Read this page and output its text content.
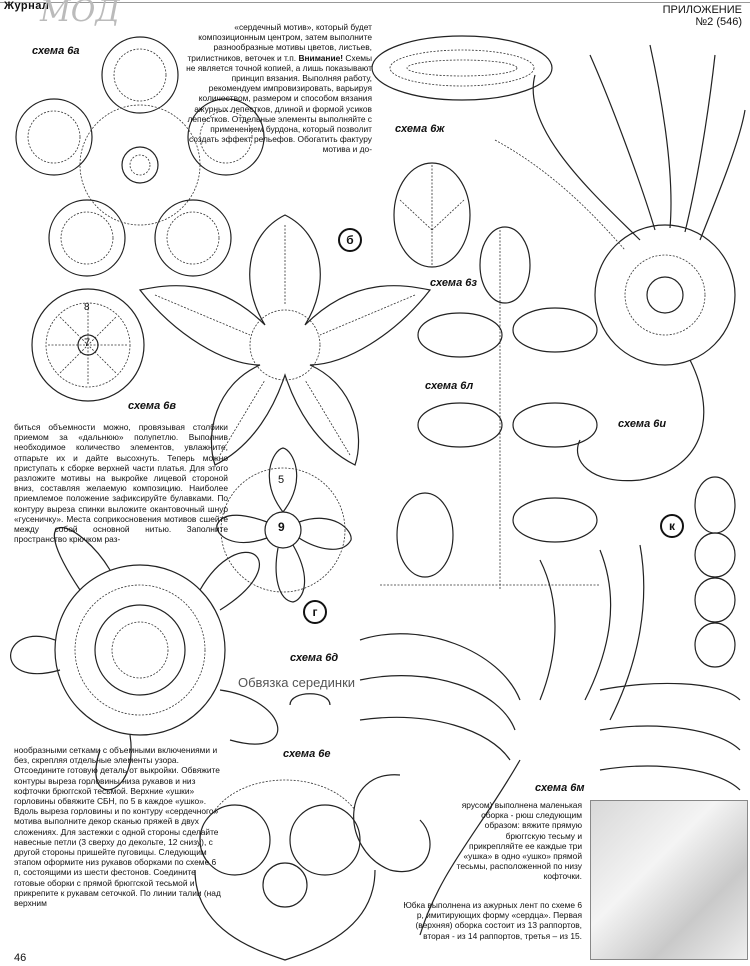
Журнал
МОД	ПРИЛОЖЕНИЕ
№2 (546)
схема 6а
схема 6в
схема 6ж
схема 6з
схема 6л
схема 6и
схема 6д
схема 6е
схема 6м
б
г
к
5
9
7
8
Обвязка серединки
«сердечный мотив», который будет композиционным центром, затем выполните разнообразные мотивы цветов, листьев, трилистников, веточек и т.п. Внимание! Схемы не является точной копией, а лишь показывают принцип вязания. Выполняя работу, рекомендуем импровизировать, варьируя количеством, размером и способом вязания ажурных лепестков, длиной и формой усиков лепестков. Отдельные элементы выполняйте с применением бурдона, который позволит создать эффект рельефов. Обогатить фактуру мотива и до-
биться объемности можно, провязывая столбики приемом за «дальнюю» полупетлю. Выполнив необходимое количество элементов, увлажните, отпарьте их и дайте высохнуть. Теперь можно приступать к сборке верхней части платья. Для этого разложите мотивы на выкройке лицевой стороной вниз, составляя желаемую композицию. Наиболее приемлемое положение зафиксируйте булавками. По контуру выреза спинки выложите окантовочный шнур «гусеничку». Места соприкосновения мотивов сшейте между собой основной нитью. Заполните пространство крючком раз-
нообразными сетками с объемными включениями и без, скрепляя отдельные элементы узора. Отсоедините готовую деталь от выкройки. Обвяжите контуры выреза горловины низа рукавов и низ кофточки брюггской тесьмой. Верхние «ушки» горловины обвяжите СБН, по 5 в каждое «ушко». Вдоль выреза горловины и по контуру «сердечного» мотива выполните декор сканью пряжей в двух сложениях. Для застежки с одной стороны сделайте навесные петли (3 сверху до декольте, 12 снизу), с другой стороны пришейте пуговицы. Следующим этапом оформите низ рукавов оборками по схеме 6 п, состоящими из шести фестонов. Соедините готовые оборки с прямой брюггской тесьмой и прикрепите к рукавам сеточкой. По линии талии (над верхним
ярусом) выполнена маленькая оборка - рюш следующим образом: вяжите прямую брюггскую тесьму и прикрепляйте ее каждые три «ушка» в одно «ушко» прямой тесьмы, расположенной по низу кофточки.
Юбка выполнена из ажурных лент по схеме 6 р, имитирующих форму «сердца». Первая (верхняя) оборка состоит из 13 раппортов, вторая - из 14 раппортов, третья – из 15.
46
